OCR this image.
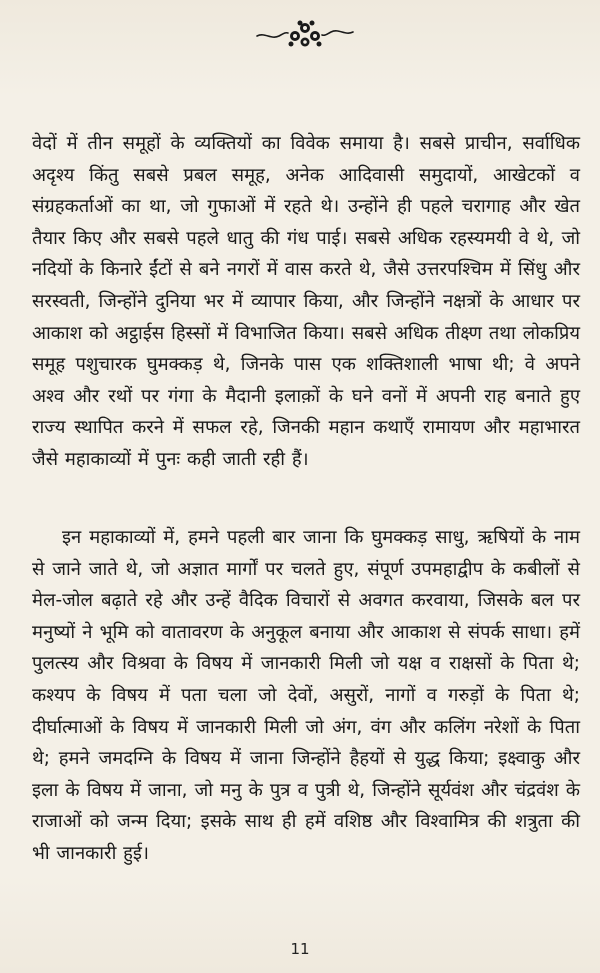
वेदों में तीन समूहों के व्यक्तियों का विवेक समाया है। सबसे प्राचीन, सर्वाधिक अदृश्य किंतु सबसे प्रबल समूह, अनेक आदिवासी समुदायों, आखेटकों व संग्रहकर्ताओं का था, जो गुफाओं में रहते थे। उन्होंने ही पहले चरागाह और खेत तैयार किए और सबसे पहले धातु की गंध पाई। सबसे अधिक रहस्यमयी वे थे, जो नदियों के किनारे ईंटों से बने नगरों में वास करते थे, जैसे उत्तरपश्चिम में सिंधु और सरस्वती, जिन्होंने दुनिया भर में व्यापार किया, और जिन्होंने नक्षत्रों के आधार पर आकाश को अट्ठाईस हिस्सों में विभाजित किया। सबसे अधिक तीक्ष्ण तथा लोकप्रिय समूह पशुचारक घुमक्कड़ थे, जिनके पास एक शक्तिशाली भाषा थी; वे अपने अश्व और रथों पर गंगा के मैदानी इलाक़ों के घने वनों में अपनी राह बनाते हुए राज्य स्थापित करने में सफल रहे, जिनकी महान कथाएँ रामायण और महाभारत जैसे महाकाव्यों में पुनः कही जाती रही हैं।

इन महाकाव्यों में, हमने पहली बार जाना कि घुमक्कड़ साधु, ऋषियों के नाम से जाने जाते थे, जो अज्ञात मार्गों पर चलते हुए, संपूर्ण उपमहाद्वीप के कबीलों से मेल-जोल बढ़ाते रहे और उन्हें वैदिक विचारों से अवगत करवाया, जिसके बल पर मनुष्यों ने भूमि को वातावरण के अनुकूल बनाया और आकाश से संपर्क साधा। हमें पुलत्स्य और विश्रवा के विषय में जानकारी मिली जो यक्ष व राक्षसों के पिता थे; कश्यप के विषय में पता चला जो देवों, असुरों, नागों व गरुड़ों के पिता थे; दीर्घात्माओं के विषय में जानकारी मिली जो अंग, वंग और कलिंग नरेशों के पिता थे; हमने जमदग्नि के विषय में जाना जिन्होंने हैहयों से युद्ध किया; इक्ष्वाकु और इला के विषय में जाना, जो मनु के पुत्र व पुत्री थे, जिन्होंने सूर्यवंश और चंद्रवंश के राजाओं को जन्म दिया; इसके साथ ही हमें वशिष्ठ और विश्वामित्र की शत्रुता की भी जानकारी हुई।

11
